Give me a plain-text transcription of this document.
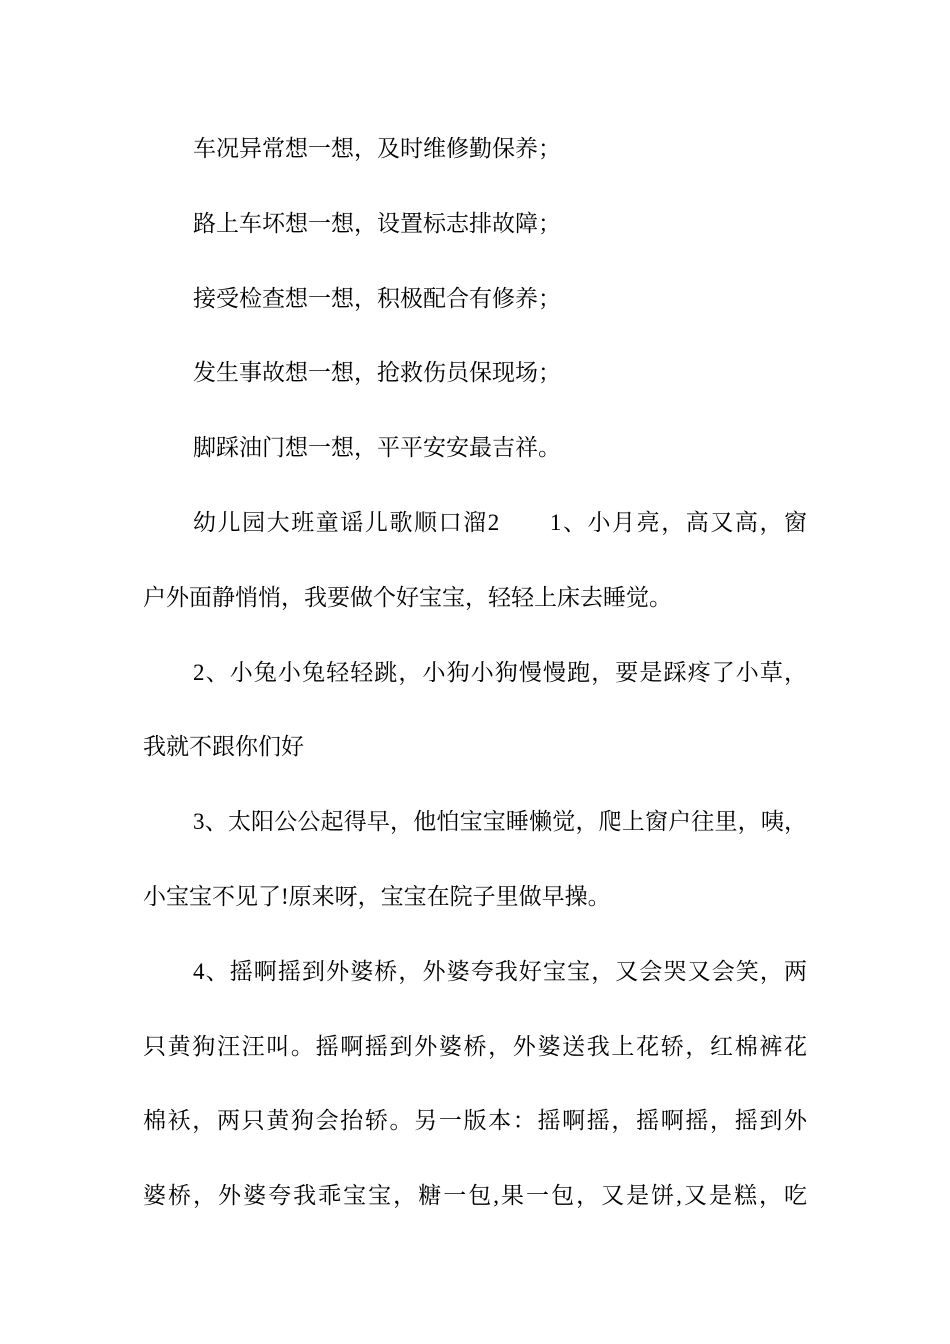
车况异常想一想，及时维修勤保养；
路上车坏想一想，设置标志排故障；
接受检查想一想，积极配合有修养；
发生事故想一想，抢救伤员保现场；
脚踩油门想一想，平平安安最吉祥。
幼儿园大班童谣儿歌顺口溜2　　1、小月亮，高又高，窗
户外面静悄悄，我要做个好宝宝，轻轻上床去睡觉。
2、小兔小兔轻轻跳，小狗小狗慢慢跑，要是踩疼了小草，
我就不跟你们好
3、太阳公公起得早，他怕宝宝睡懒觉，爬上窗户往里，咦，
小宝宝不见了!原来呀，宝宝在院子里做早操。
4、摇啊摇到外婆桥，外婆夸我好宝宝，又会哭又会笑，两
只黄狗汪汪叫。摇啊摇到外婆桥，外婆送我上花轿，红棉裤花
棉袄，两只黄狗会抬轿。另一版本：摇啊摇，摇啊摇，摇到外
婆桥，外婆夸我乖宝宝，糖一包,果一包，又是饼,又是糕，吃
